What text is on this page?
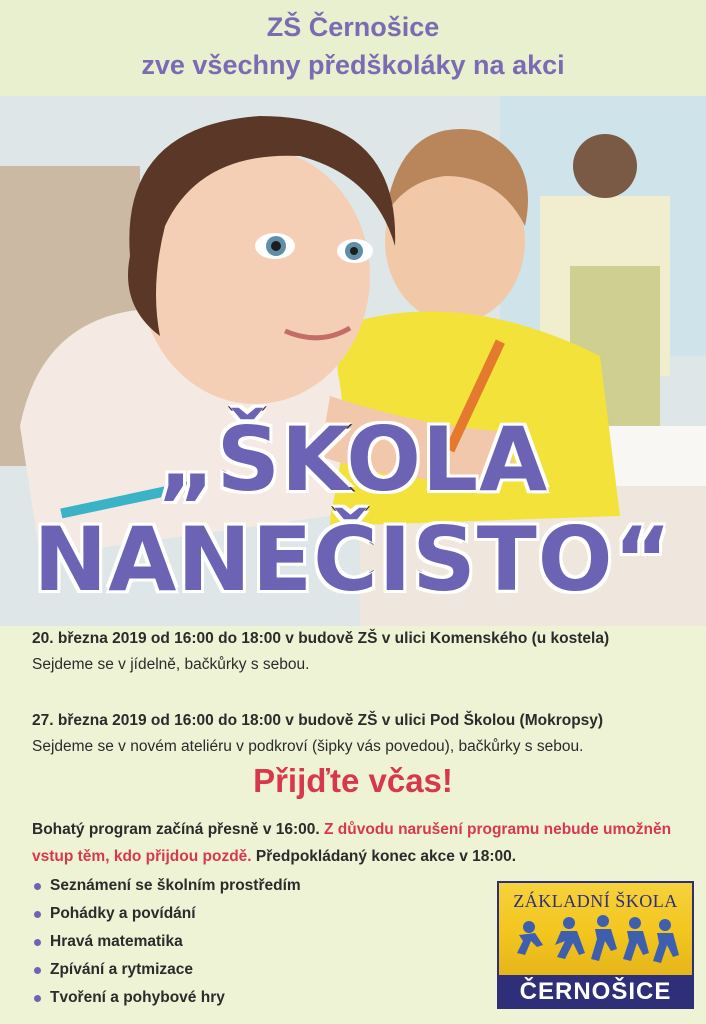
ZŠ Černošice
zve všechny předškoláky na akci
„ŠKOLA
NANEČISTO“
20. března 2019 od 16:00 do 18:00 v budově ZŠ v ulici Komenského (u kostela)
Sejdeme se v jídelně, bačkůrky s sebou.
27. března 2019 od 16:00 do 18:00 v budově ZŠ v ulici Pod Školou (Mokropsy)
Sejdeme se v novém ateliéru v podkroví (šipky vás povedou), bačkůrky s sebou.
Přijďte včas!
Bohatý program začíná přesně v 16:00. Z důvodu narušení programu nebude umožněn vstup těm, kdo přijdou pozdě. Předpokládaný konec akce v 18:00.
Seznámení se školním prostředím
Pohádky a povídání
Hravá matematika
Zpívání a rytmizace
Tvoření a pohybové hry
ZÁKLADNÍ ŠKOLA
ČERNOŠICE
